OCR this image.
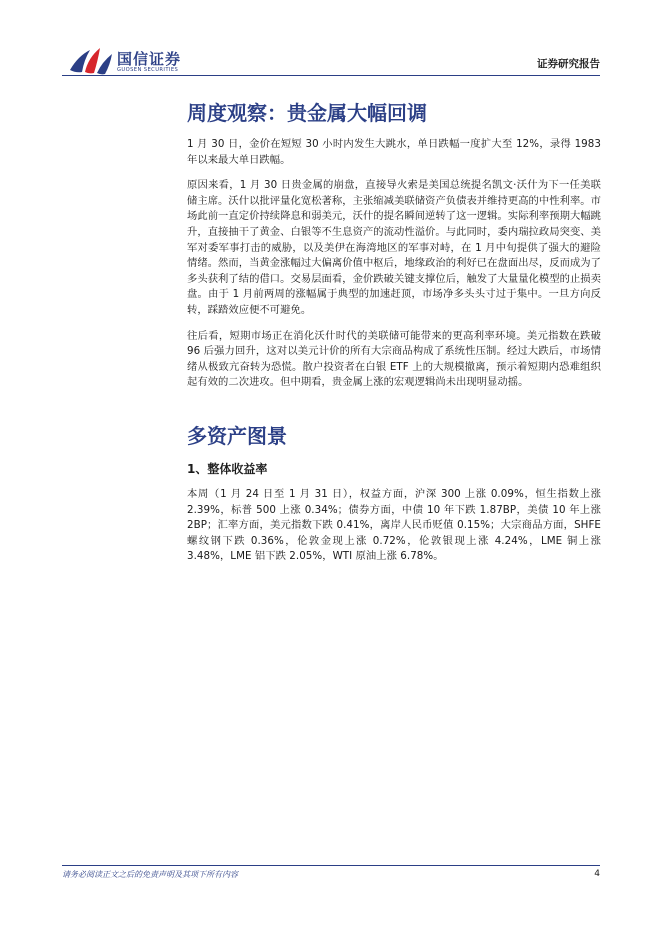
国信证券
GUOSEN SECURITIES	证券研究报告
周度观察：贵金属大幅回调

1 月 30 日，金价在短短 30 小时内发生大跳水，单日跌幅一度扩大至 12%，录得 1983 年以来最大单日跌幅。

原因来看，1 月 30 日贵金属的崩盘，直接导火索是美国总统提名凯文·沃什为下一任美联储主席。沃什以批评量化宽松著称，主张缩减美联储资产负债表并维持更高的中性利率。市场此前一直定价持续降息和弱美元，沃什的提名瞬间逆转了这一逻辑。实际利率预期大幅跳升，直接抽干了黄金、白银等不生息资产的流动性溢价。与此同时，委内瑞拉政局突变、美军对委军事打击的威胁，以及美伊在海湾地区的军事对峙，在 1 月中旬提供了强大的避险情绪。然而，当黄金涨幅过大偏离价值中枢后，地缘政治的利好已在盘面出尽，反而成为了多头获利了结的借口。交易层面看，金价跌破关键支撑位后，触发了大量量化模型的止损卖盘。由于 1 月前两周的涨幅属于典型的加速赶顶，市场净多头头寸过于集中。一旦方向反转，踩踏效应便不可避免。

往后看，短期市场正在消化沃什时代的美联储可能带来的更高利率环境。美元指数在跌破 96 后强力回升，这对以美元计价的所有大宗商品构成了系统性压制。经过大跌后，市场情绪从极致亢奋转为恐慌。散户投资者在白银 ETF 上的大规模撤离，预示着短期内恐难组织起有效的二次进攻。但中期看，贵金属上涨的宏观逻辑尚未出现明显动摇。

多资产图景
1、整体收益率

本周（1 月 24 日至 1 月 31 日），权益方面，沪深 300 上涨 0.09%，恒生指数上涨 2.39%，标普 500 上涨 0.34%；债券方面，中债 10 年下跌 1.87BP，美债 10 年上涨 2BP；汇率方面，美元指数下跌 0.41%，离岸人民币贬值 0.15%；大宗商品方面，SHFE 螺纹钢下跌 0.36%，伦敦金现上涨 0.72%，伦敦银现上涨 4.24%，LME 铜上涨 3.48%，LME 铝下跌 2.05%，WTI 原油上涨 6.78%。

请务必阅读正文之后的免责声明及其项下所有内容	4
